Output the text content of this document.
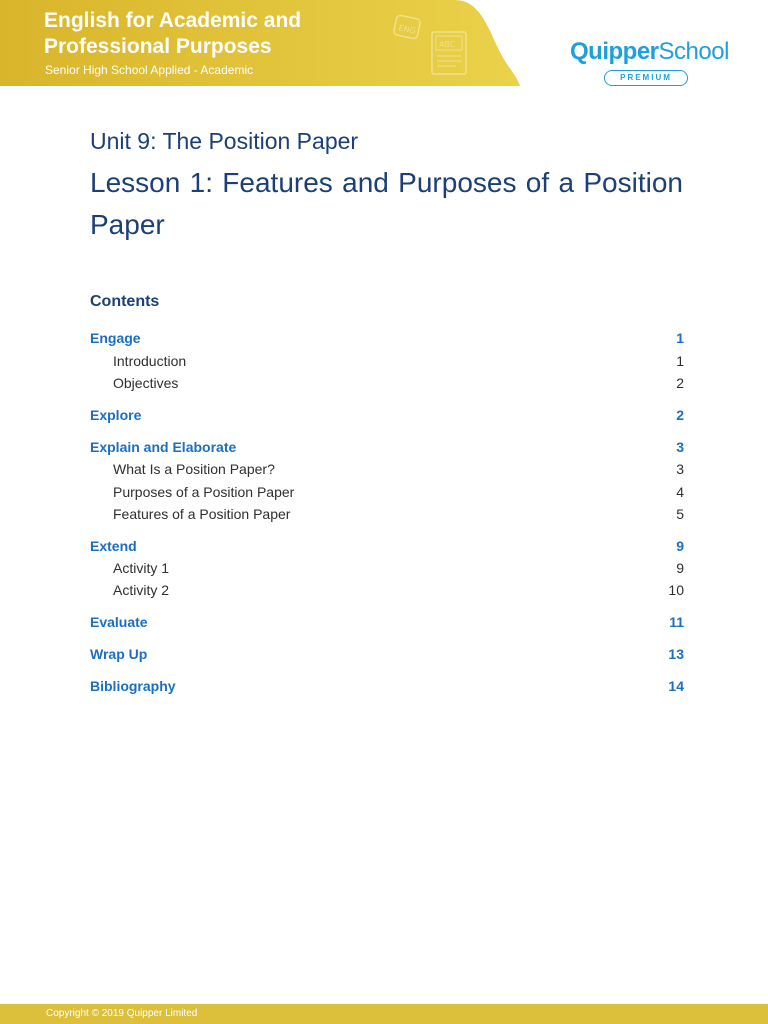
ENG
ABC
English for Academic and Professional Purposes
Senior High School Applied - Academic
QuipperSchool
PREMIUM
Unit 9: The Position Paper
Lesson 1: Features and Purposes of a Position Paper
Contents
Engage	1
Introduction	1
Objectives	2
Explore	2
Explain and Elaborate	3
What Is a Position Paper?	3
Purposes of a Position Paper	4
Features of a Position Paper	5
Extend	9
Activity 1	9
Activity 2	10
Evaluate	11
Wrap Up	13
Bibliography	14
Copyright © 2019 Quipper Limited
